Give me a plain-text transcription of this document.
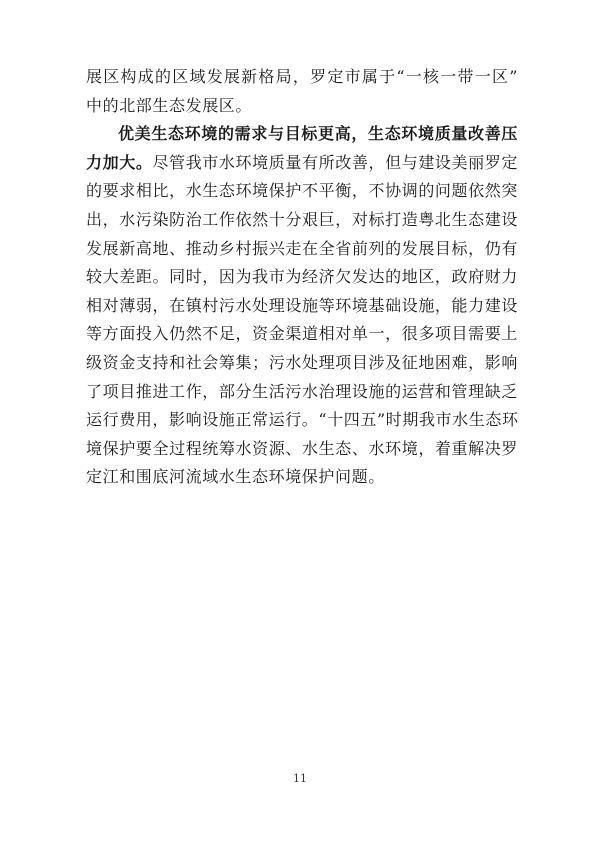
展区构成的区域发展新格局，罗定市属于“一核一带一区”
中的北部生态发展区。
优美生态环境的需求与目标更高，生态环境质量改善压
力加大。尽管我市水环境质量有所改善，但与建设美丽罗定
的要求相比，水生态环境保护不平衡，不协调的问题依然突
出，水污染防治工作依然十分艰巨，对标打造粤北生态建设
发展新高地、推动乡村振兴走在全省前列的发展目标，仍有
较大差距。同时，因为我市为经济欠发达的地区，政府财力
相对薄弱，在镇村污水处理设施等环境基础设施，能力建设
等方面投入仍然不足，资金渠道相对单一，很多项目需要上
级资金支持和社会筹集；污水处理项目涉及征地困难，影响
了项目推进工作，部分生活污水治理设施的运营和管理缺乏
运行费用，影响设施正常运行。“十四五”时期我市水生态环
境保护要全过程统筹水资源、水生态、水环境，着重解决罗
定江和围底河流域水生态环境保护问题。
11
